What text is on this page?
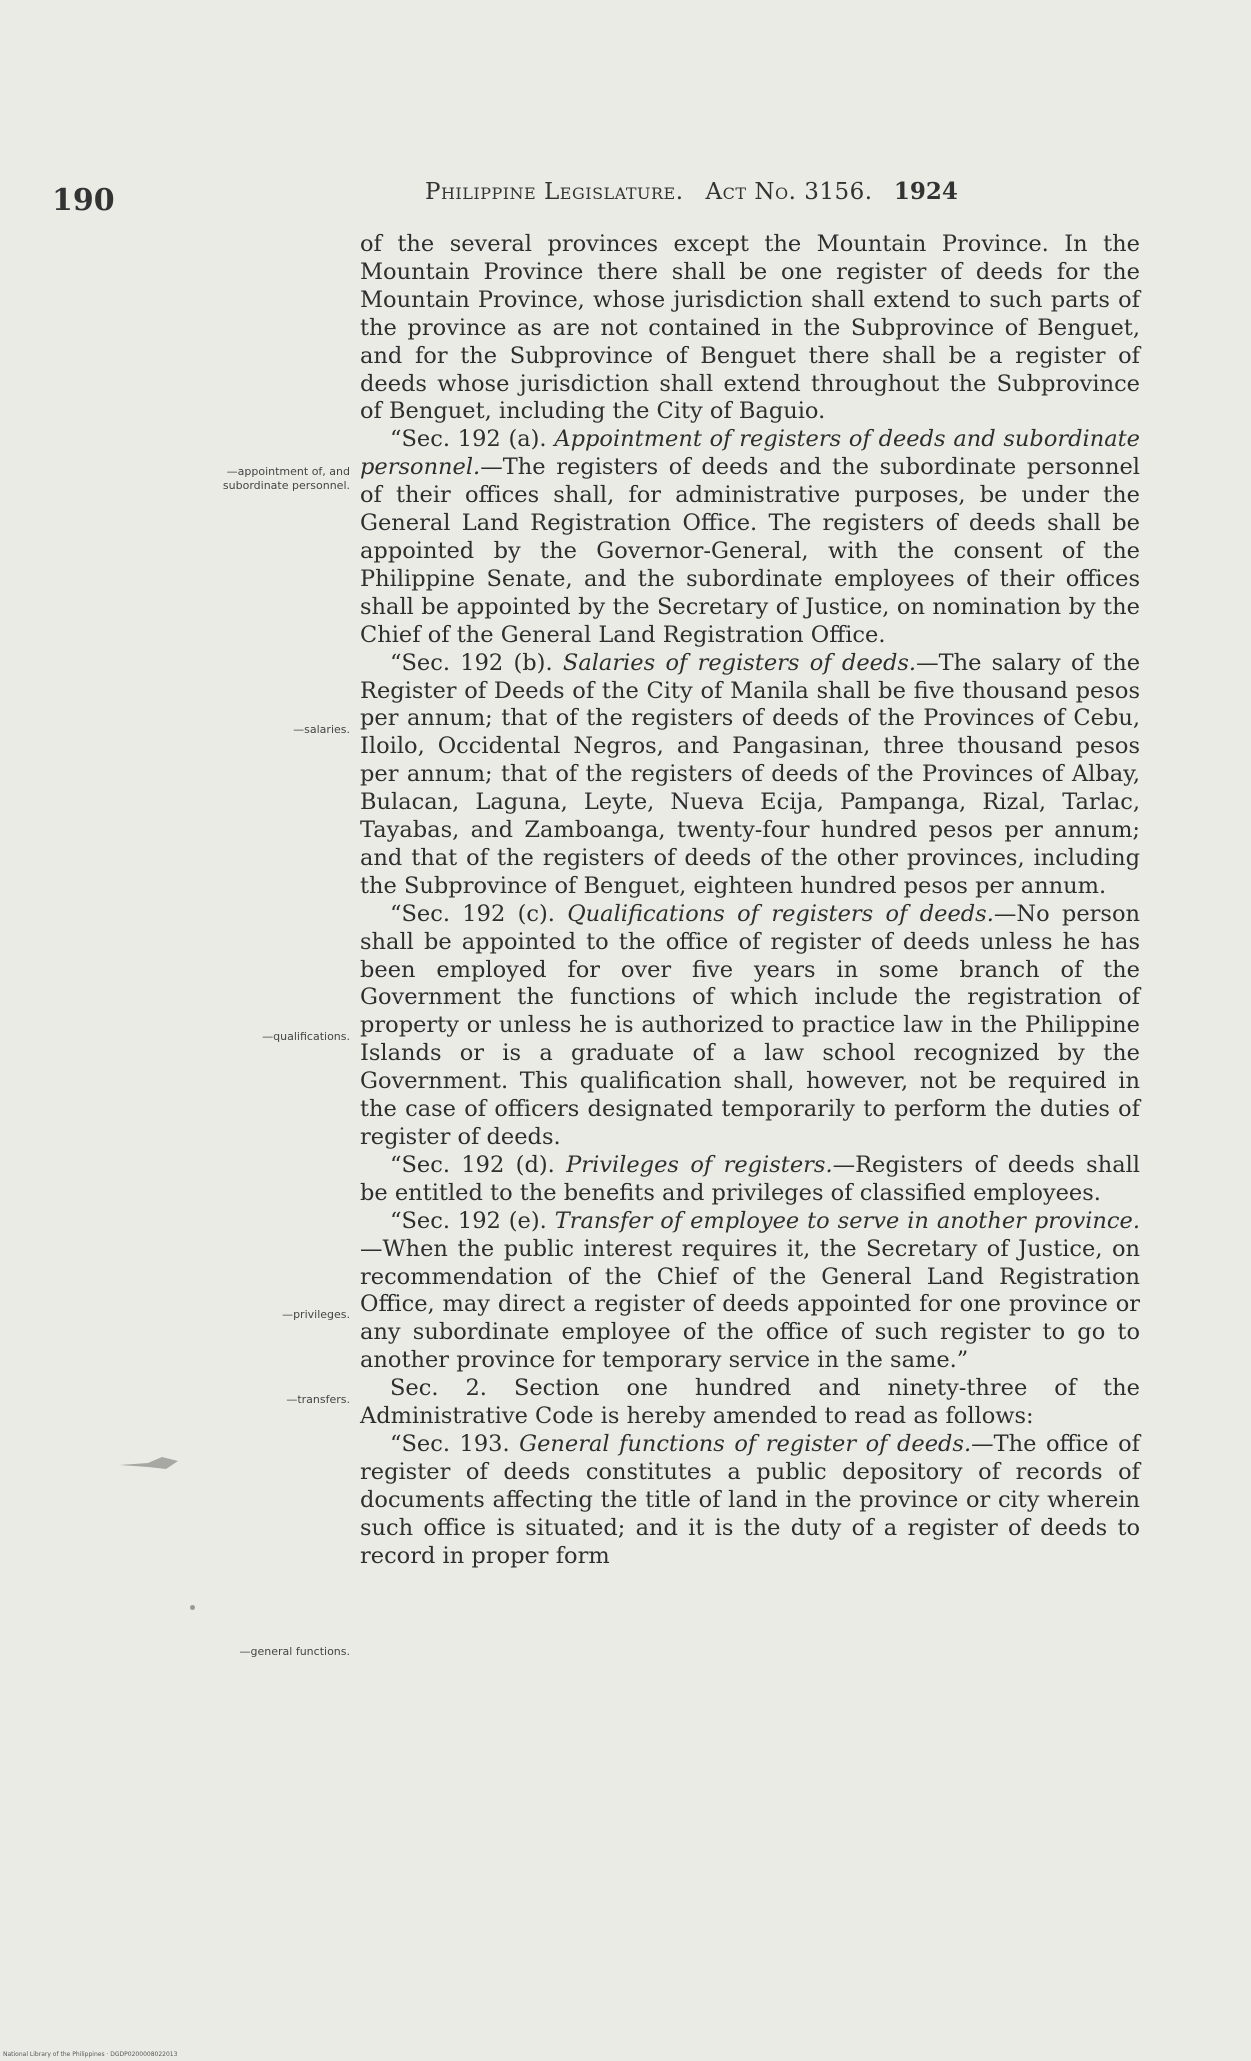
190	Philippine Legislature. Act No. 3156. 1924
—appointment of, and
subordinate personnel.
—salaries.
—qualifications.
—privileges.
—transfers.
—general functions.

of the several provinces except the Mountain Province. In the Mountain Province there shall be one register of deeds for the Mountain Province, whose jurisdiction shall extend to such parts of the province as are not contained in the Subprovince of Benguet, and for the Subprovince of Benguet there shall be a register of deeds whose jurisdiction shall extend throughout the Subprovince of Benguet, including the City of Baguio.

“Sec. 192 (a). Appointment of registers of deeds and subordinate personnel.—The registers of deeds and the subordinate personnel of their offices shall, for administrative purposes, be under the General Land Registration Office. The registers of deeds shall be appointed by the Governor-General, with the consent of the Philippine Senate, and the subordinate employees of their offices shall be appointed by the Secretary of Justice, on nomination by the Chief of the General Land Registration Office.

“Sec. 192 (b). Salaries of registers of deeds.—The salary of the Register of Deeds of the City of Manila shall be five thousand pesos per annum; that of the registers of deeds of the Provinces of Cebu, Iloilo, Occidental Negros, and Pangasinan, three thousand pesos per annum; that of the registers of deeds of the Provinces of Albay, Bulacan, Laguna, Leyte, Nueva Ecija, Pampanga, Rizal, Tarlac, Tayabas, and Zamboanga, twenty-four hundred pesos per annum; and that of the registers of deeds of the other provinces, including the Subprovince of Benguet, eighteen hundred pesos per annum.

“Sec. 192 (c). Qualifications of registers of deeds.—No person shall be appointed to the office of register of deeds unless he has been employed for over five years in some branch of the Government the functions of which include the registration of property or unless he is authorized to practice law in the Philippine Islands or is a graduate of a law school recognized by the Government. This qualification shall, however, not be required in the case of officers designated temporarily to perform the duties of register of deeds.

“Sec. 192 (d). Privileges of registers.—Registers of deeds shall be entitled to the benefits and privileges of classified employees.

“Sec. 192 (e). Transfer of employee to serve in another province.—When the public interest requires it, the Secretary of Justice, on recommendation of the Chief of the General Land Registration Office, may direct a register of deeds appointed for one province or any subordinate employee of the office of such register to go to another province for temporary service in the same.”

Sec. 2. Section one hundred and ninety-three of the Administrative Code is hereby amended to read as follows:

“Sec. 193. General functions of register of deeds.—The office of register of deeds constitutes a public depository of records of documents affecting the title of land in the province or city wherein such office is situated; and it is the duty of a register of deeds to record in proper form

National Library of the Philippines · DGDP0200008022013
